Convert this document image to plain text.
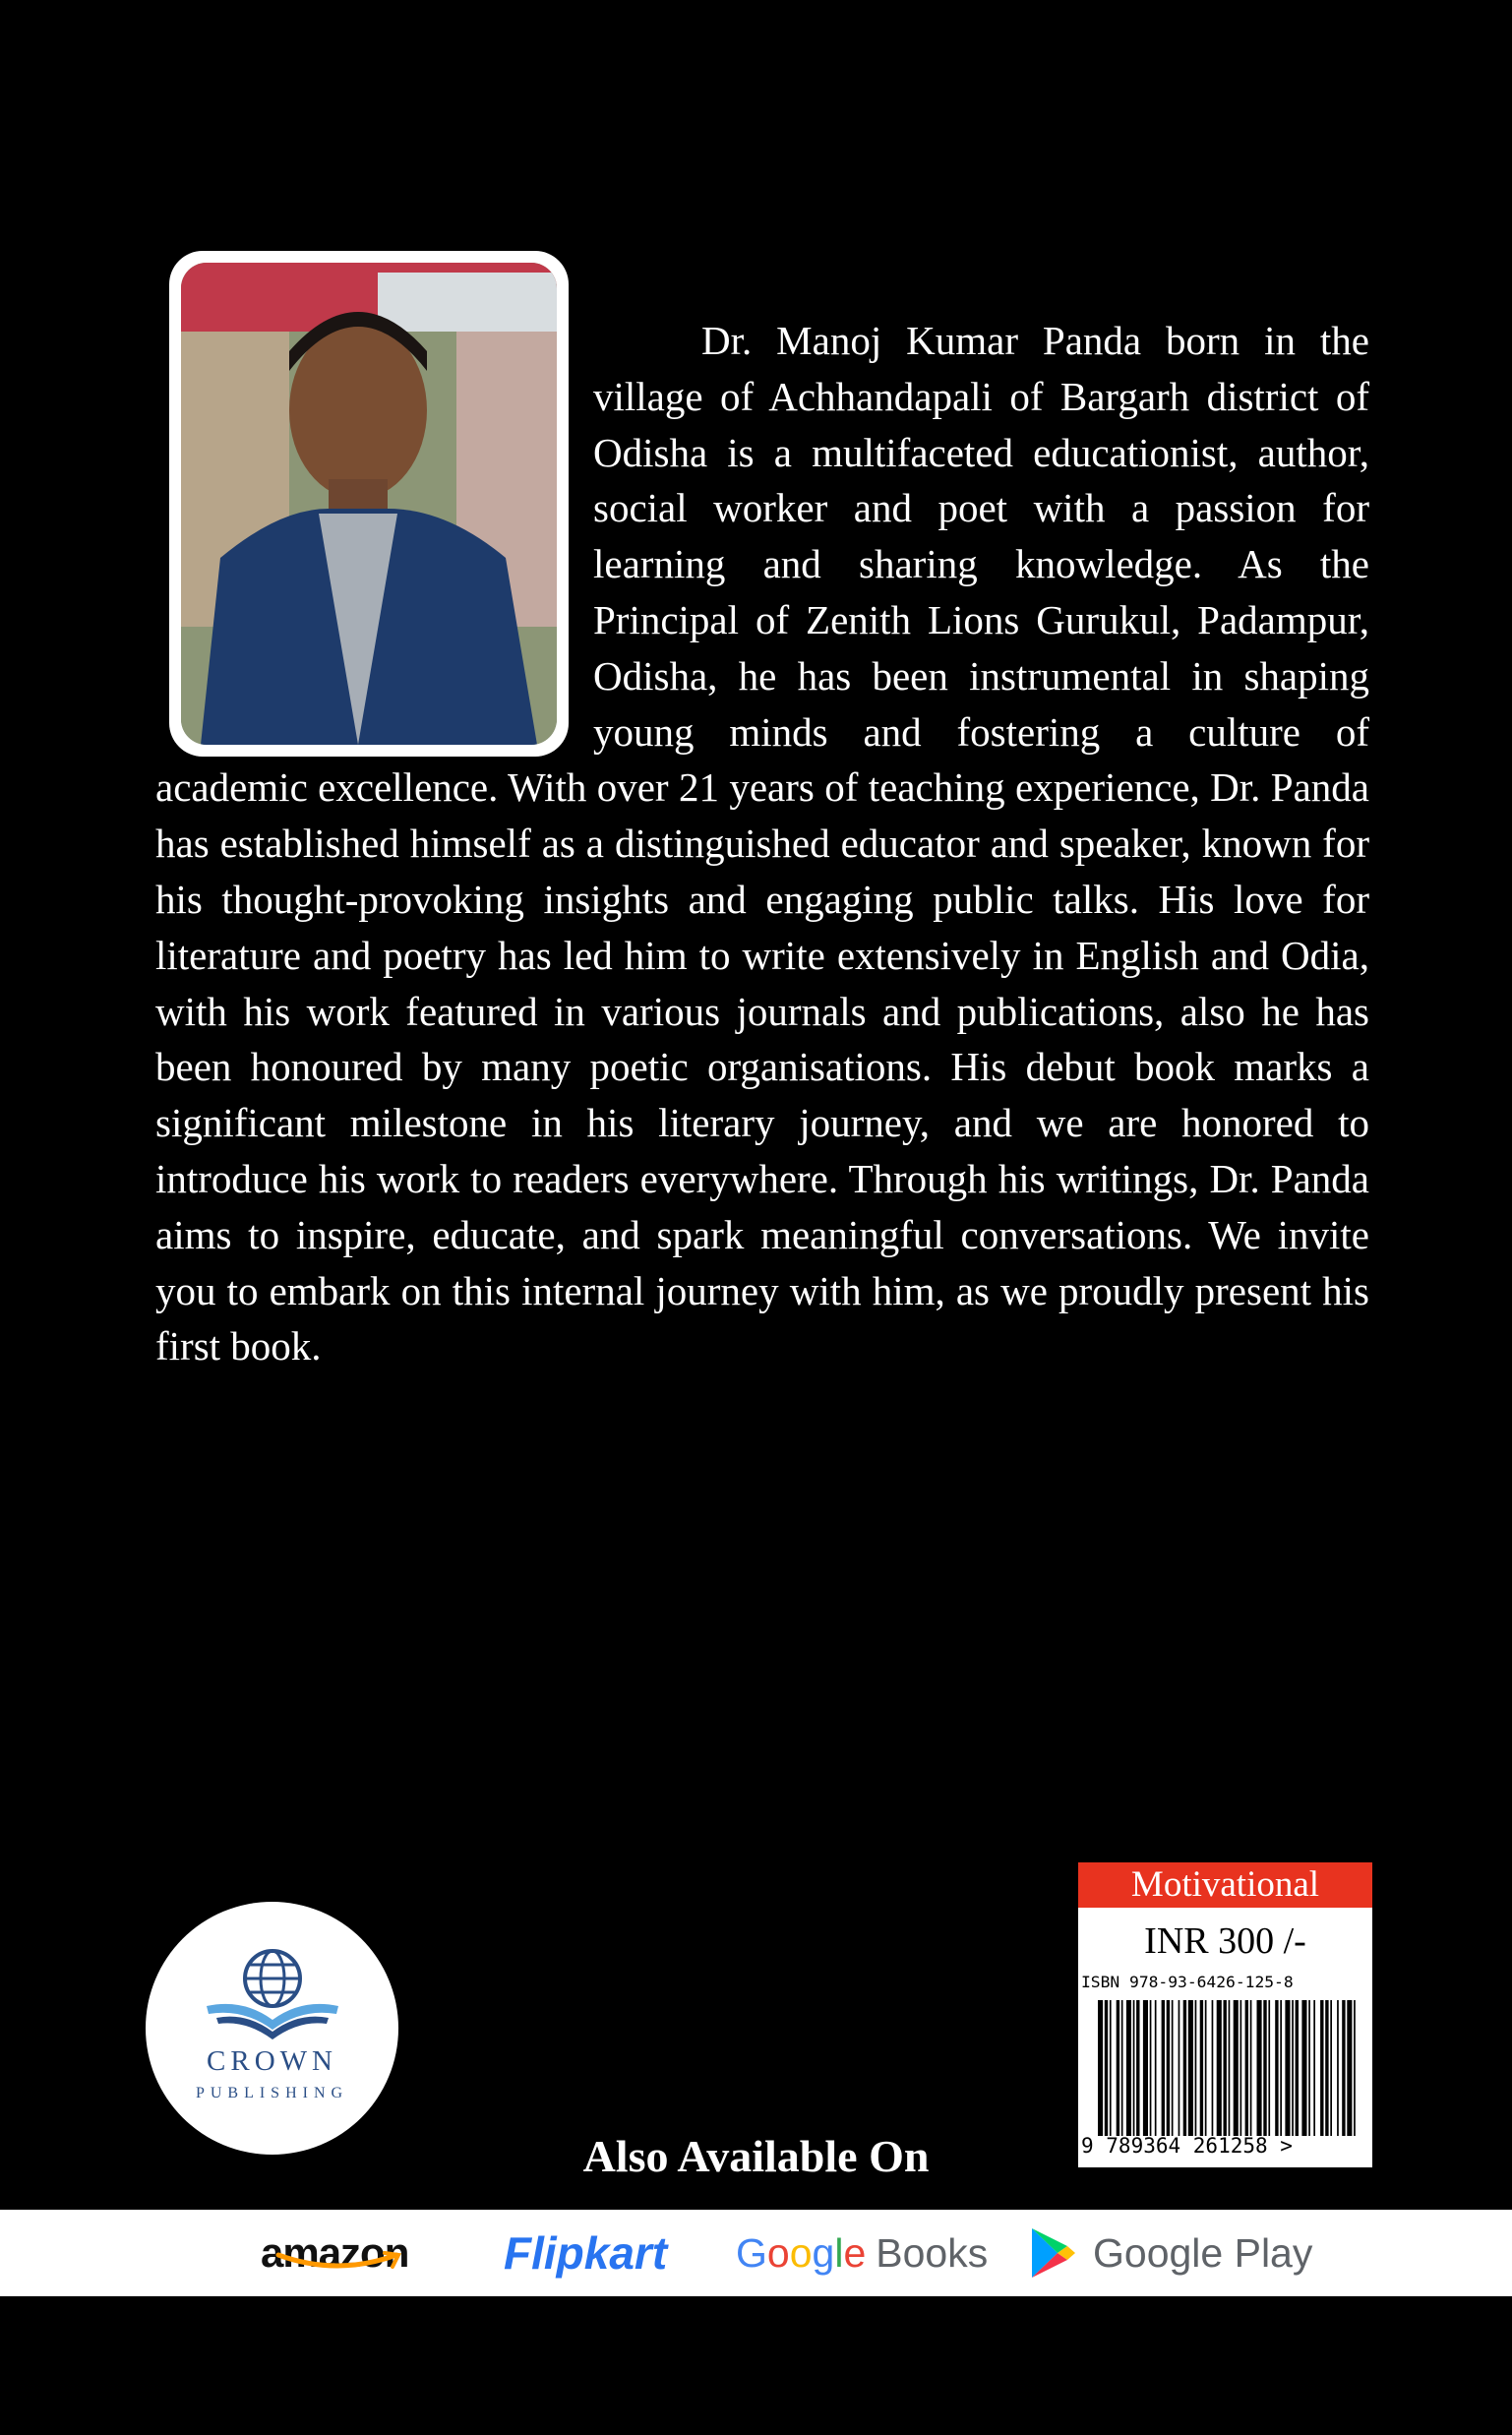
Dr. Manoj Kumar Panda born in the village of Achhandapali of Bargarh district of Odisha is a multifaceted educationist, author, social worker and poet with a passion for learning and sharing knowledge. As the Principal of Zenith Lions Gurukul, Padampur, Odisha, he has been instrumental in shaping young minds and fostering a culture of academic excellence. With over 21 years of teaching experience, Dr. Panda has established himself as a distinguished educator and speaker, known for his thought-provoking insights and engaging public talks. His love for literature and poetry has led him to write extensively in English and Odia, with his work featured in various journals and publications, also he has been honoured by many poetic organisations. His debut book marks a significant milestone in his literary journey, and we are honored to introduce his work to readers everywhere. Through his writings, Dr. Panda aims to inspire, educate, and spark meaningful conversations. We invite you to embark on this internal journey with him, as we proudly present his first book.

CROWN
PUBLISHING
Also Available On
amazon Flipkart G o o g l e Books	Google Play
Motivational
INR 300 /-
ISBN 978-93-6426-125-8
9 789364 261258 >
